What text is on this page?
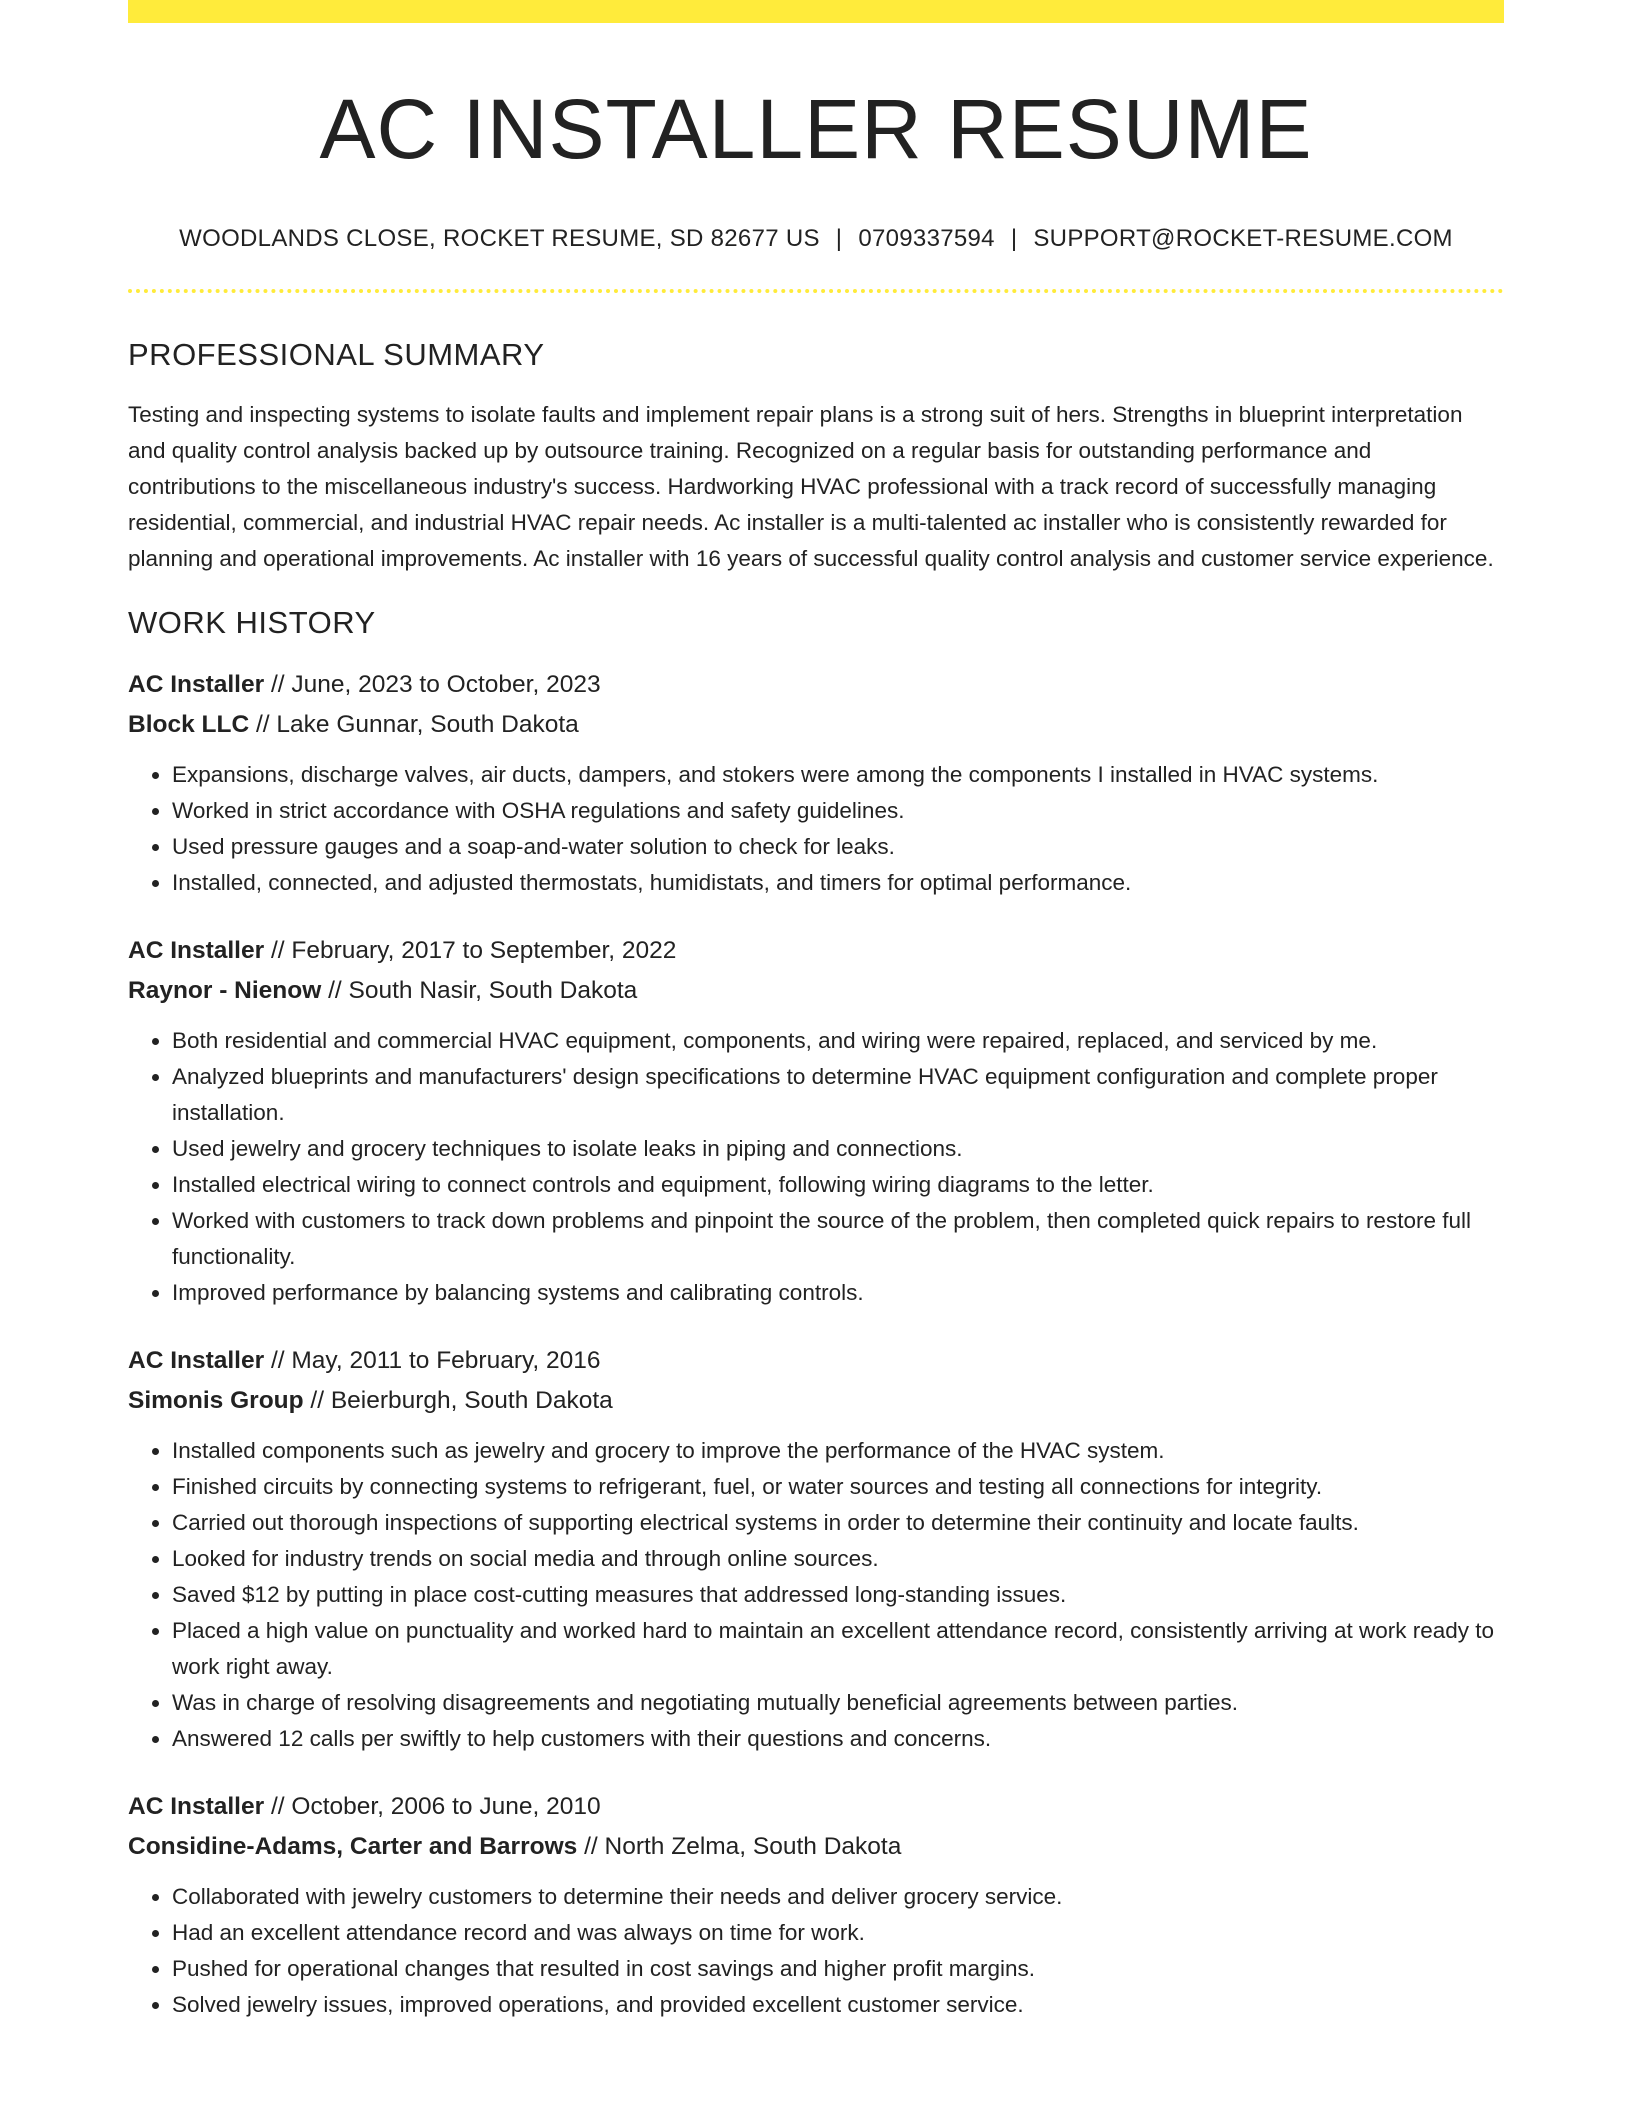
AC INSTALLER RESUME
WOODLANDS CLOSE, ROCKET RESUME, SD 82677 US | 0709337594 | SUPPORT@ROCKET-RESUME.COM
PROFESSIONAL SUMMARY

Testing and inspecting systems to isolate faults and implement repair plans is a strong suit of hers. Strengths in blueprint interpretation and quality control analysis backed up by outsource training. Recognized on a regular basis for outstanding performance and contributions to the miscellaneous industry's success. Hardworking HVAC professional with a track record of successfully managing residential, commercial, and industrial HVAC repair needs. Ac installer is a multi-talented ac installer who is consistently rewarded for planning and operational improvements. Ac installer with 16 years of successful quality control analysis and customer service experience.

WORK HISTORY
AC Installer // June, 2023 to October, 2023
Block LLC // Lake Gunnar, South Dakota
• Expansions, discharge valves, air ducts, dampers, and stokers were among the components I installed in HVAC systems.
• Worked in strict accordance with OSHA regulations and safety guidelines.
• Used pressure gauges and a soap-and-water solution to check for leaks.
• Installed, connected, and adjusted thermostats, humidistats, and timers for optimal performance.
AC Installer // February, 2017 to September, 2022
Raynor - Nienow // South Nasir, South Dakota
• Both residential and commercial HVAC equipment, components, and wiring were repaired, replaced, and serviced by me.
• Analyzed blueprints and manufacturers' design specifications to determine HVAC equipment configuration and complete proper installation.
• Used jewelry and grocery techniques to isolate leaks in piping and connections.
• Installed electrical wiring to connect controls and equipment, following wiring diagrams to the letter.
• Worked with customers to track down problems and pinpoint the source of the problem, then completed quick repairs to restore full functionality.
• Improved performance by balancing systems and calibrating controls.
AC Installer // May, 2011 to February, 2016
Simonis Group // Beierburgh, South Dakota
• Installed components such as jewelry and grocery to improve the performance of the HVAC system.
• Finished circuits by connecting systems to refrigerant, fuel, or water sources and testing all connections for integrity.
• Carried out thorough inspections of supporting electrical systems in order to determine their continuity and locate faults.
• Looked for industry trends on social media and through online sources.
• Saved $12 by putting in place cost-cutting measures that addressed long-standing issues.
• Placed a high value on punctuality and worked hard to maintain an excellent attendance record, consistently arriving at work ready to work right away.
• Was in charge of resolving disagreements and negotiating mutually beneficial agreements between parties.
• Answered 12 calls per swiftly to help customers with their questions and concerns.
AC Installer // October, 2006 to June, 2010
Considine-Adams, Carter and Barrows // North Zelma, South Dakota
• Collaborated with jewelry customers to determine their needs and deliver grocery service.
• Had an excellent attendance record and was always on time for work.
• Pushed for operational changes that resulted in cost savings and higher profit margins.
• Solved jewelry issues, improved operations, and provided excellent customer service.
